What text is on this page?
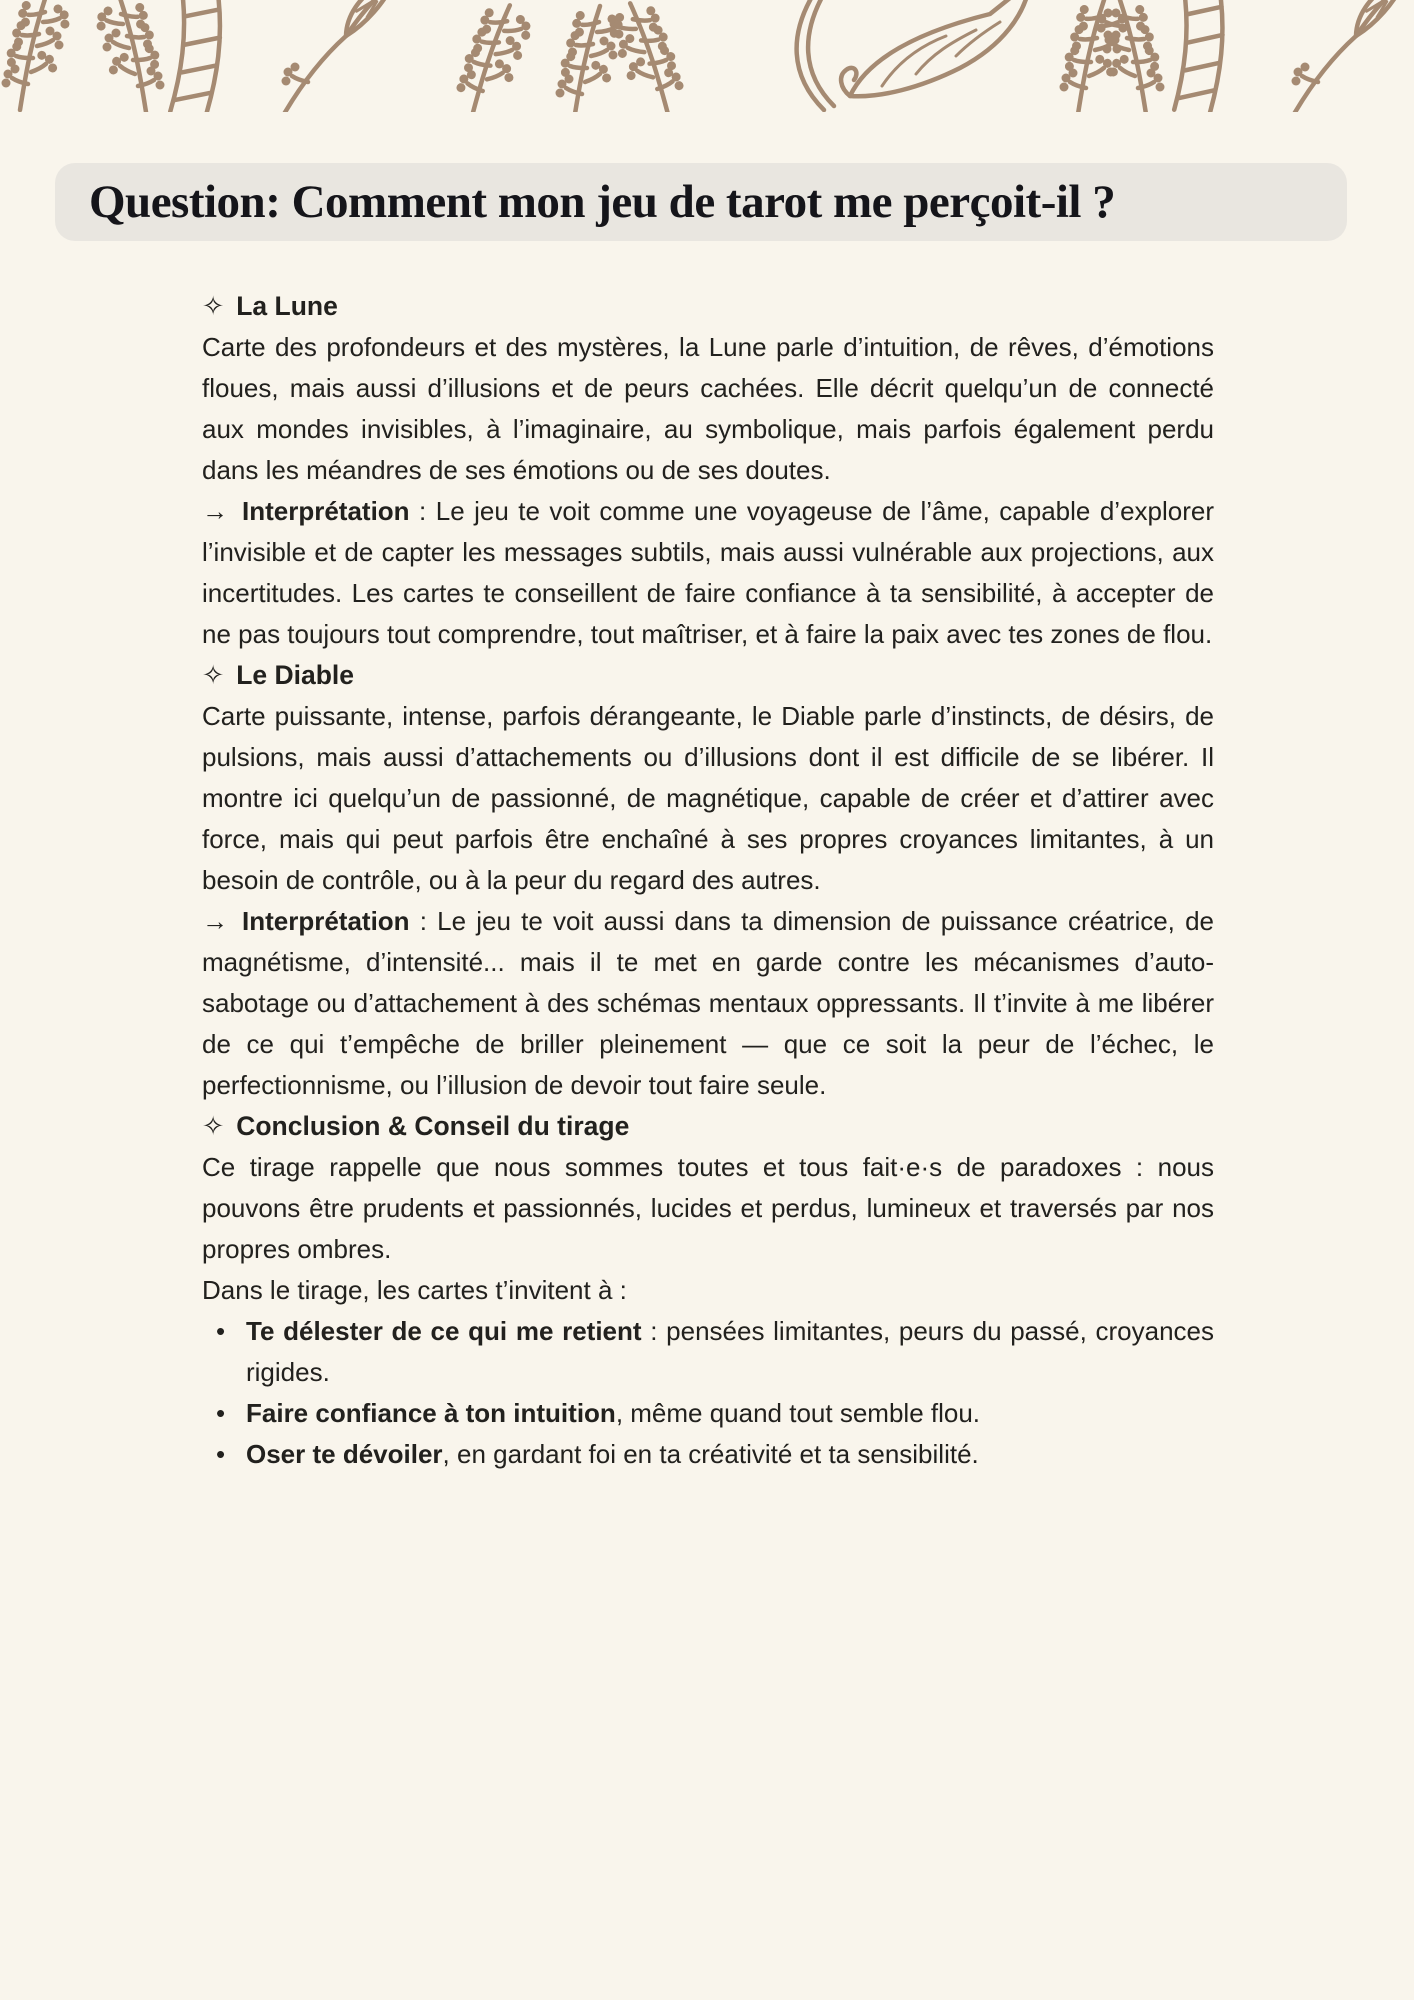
Question: Comment mon jeu de tarot me perçoit-il ?
✧ La Lune

Carte des profondeurs et des mystères, la Lune parle d’intuition, de rêves, d’émotions floues, mais aussi d’illusions et de peurs cachées. Elle décrit quelqu’un de connecté aux mondes invisibles, à l’imaginaire, au symbolique, mais parfois également perdu dans les méandres de ses émotions ou de ses doutes.

→ Interprétation : Le jeu te voit comme une voyageuse de l’âme, capable d’explorer l’invisible et de capter les messages subtils, mais aussi vulnérable aux projections, aux incertitudes. Les cartes te conseillent de faire confiance à ta sensibilité, à accepter de ne pas toujours tout comprendre, tout maîtriser, et à faire la paix avec tes zones de flou.

✧ Le Diable

Carte puissante, intense, parfois dérangeante, le Diable parle d’instincts, de désirs, de pulsions, mais aussi d’attachements ou d’illusions dont il est difficile de se libérer. Il montre ici quelqu’un de passionné, de magnétique, capable de créer et d’attirer avec force, mais qui peut parfois être enchaîné à ses propres croyances limitantes, à un besoin de contrôle, ou à la peur du regard des autres.

→ Interprétation : Le jeu te voit aussi dans ta dimension de puissance créatrice, de magnétisme, d’intensité... mais il te met en garde contre les mécanismes d’auto-sabotage ou d’attachement à des schémas mentaux oppressants. Il t’invite à me libérer de ce qui t’empêche de briller pleinement — que ce soit la peur de l’échec, le perfectionnisme, ou l’illusion de devoir tout faire seule.

✧ Conclusion & Conseil du tirage

Ce tirage rappelle que nous sommes toutes et tous fait·e·s de paradoxes : nous pouvons être prudents et passionnés, lucides et perdus, lumineux et traversés par nos propres ombres.

Dans le tirage, les cartes t’invitent à :

• Te délester de ce qui me retient : pensées limitantes, peurs du passé, croyances rigides.
• Faire confiance à ton intuition, même quand tout semble flou.
• Oser te dévoiler, en gardant foi en ta créativité et ta sensibilité.
